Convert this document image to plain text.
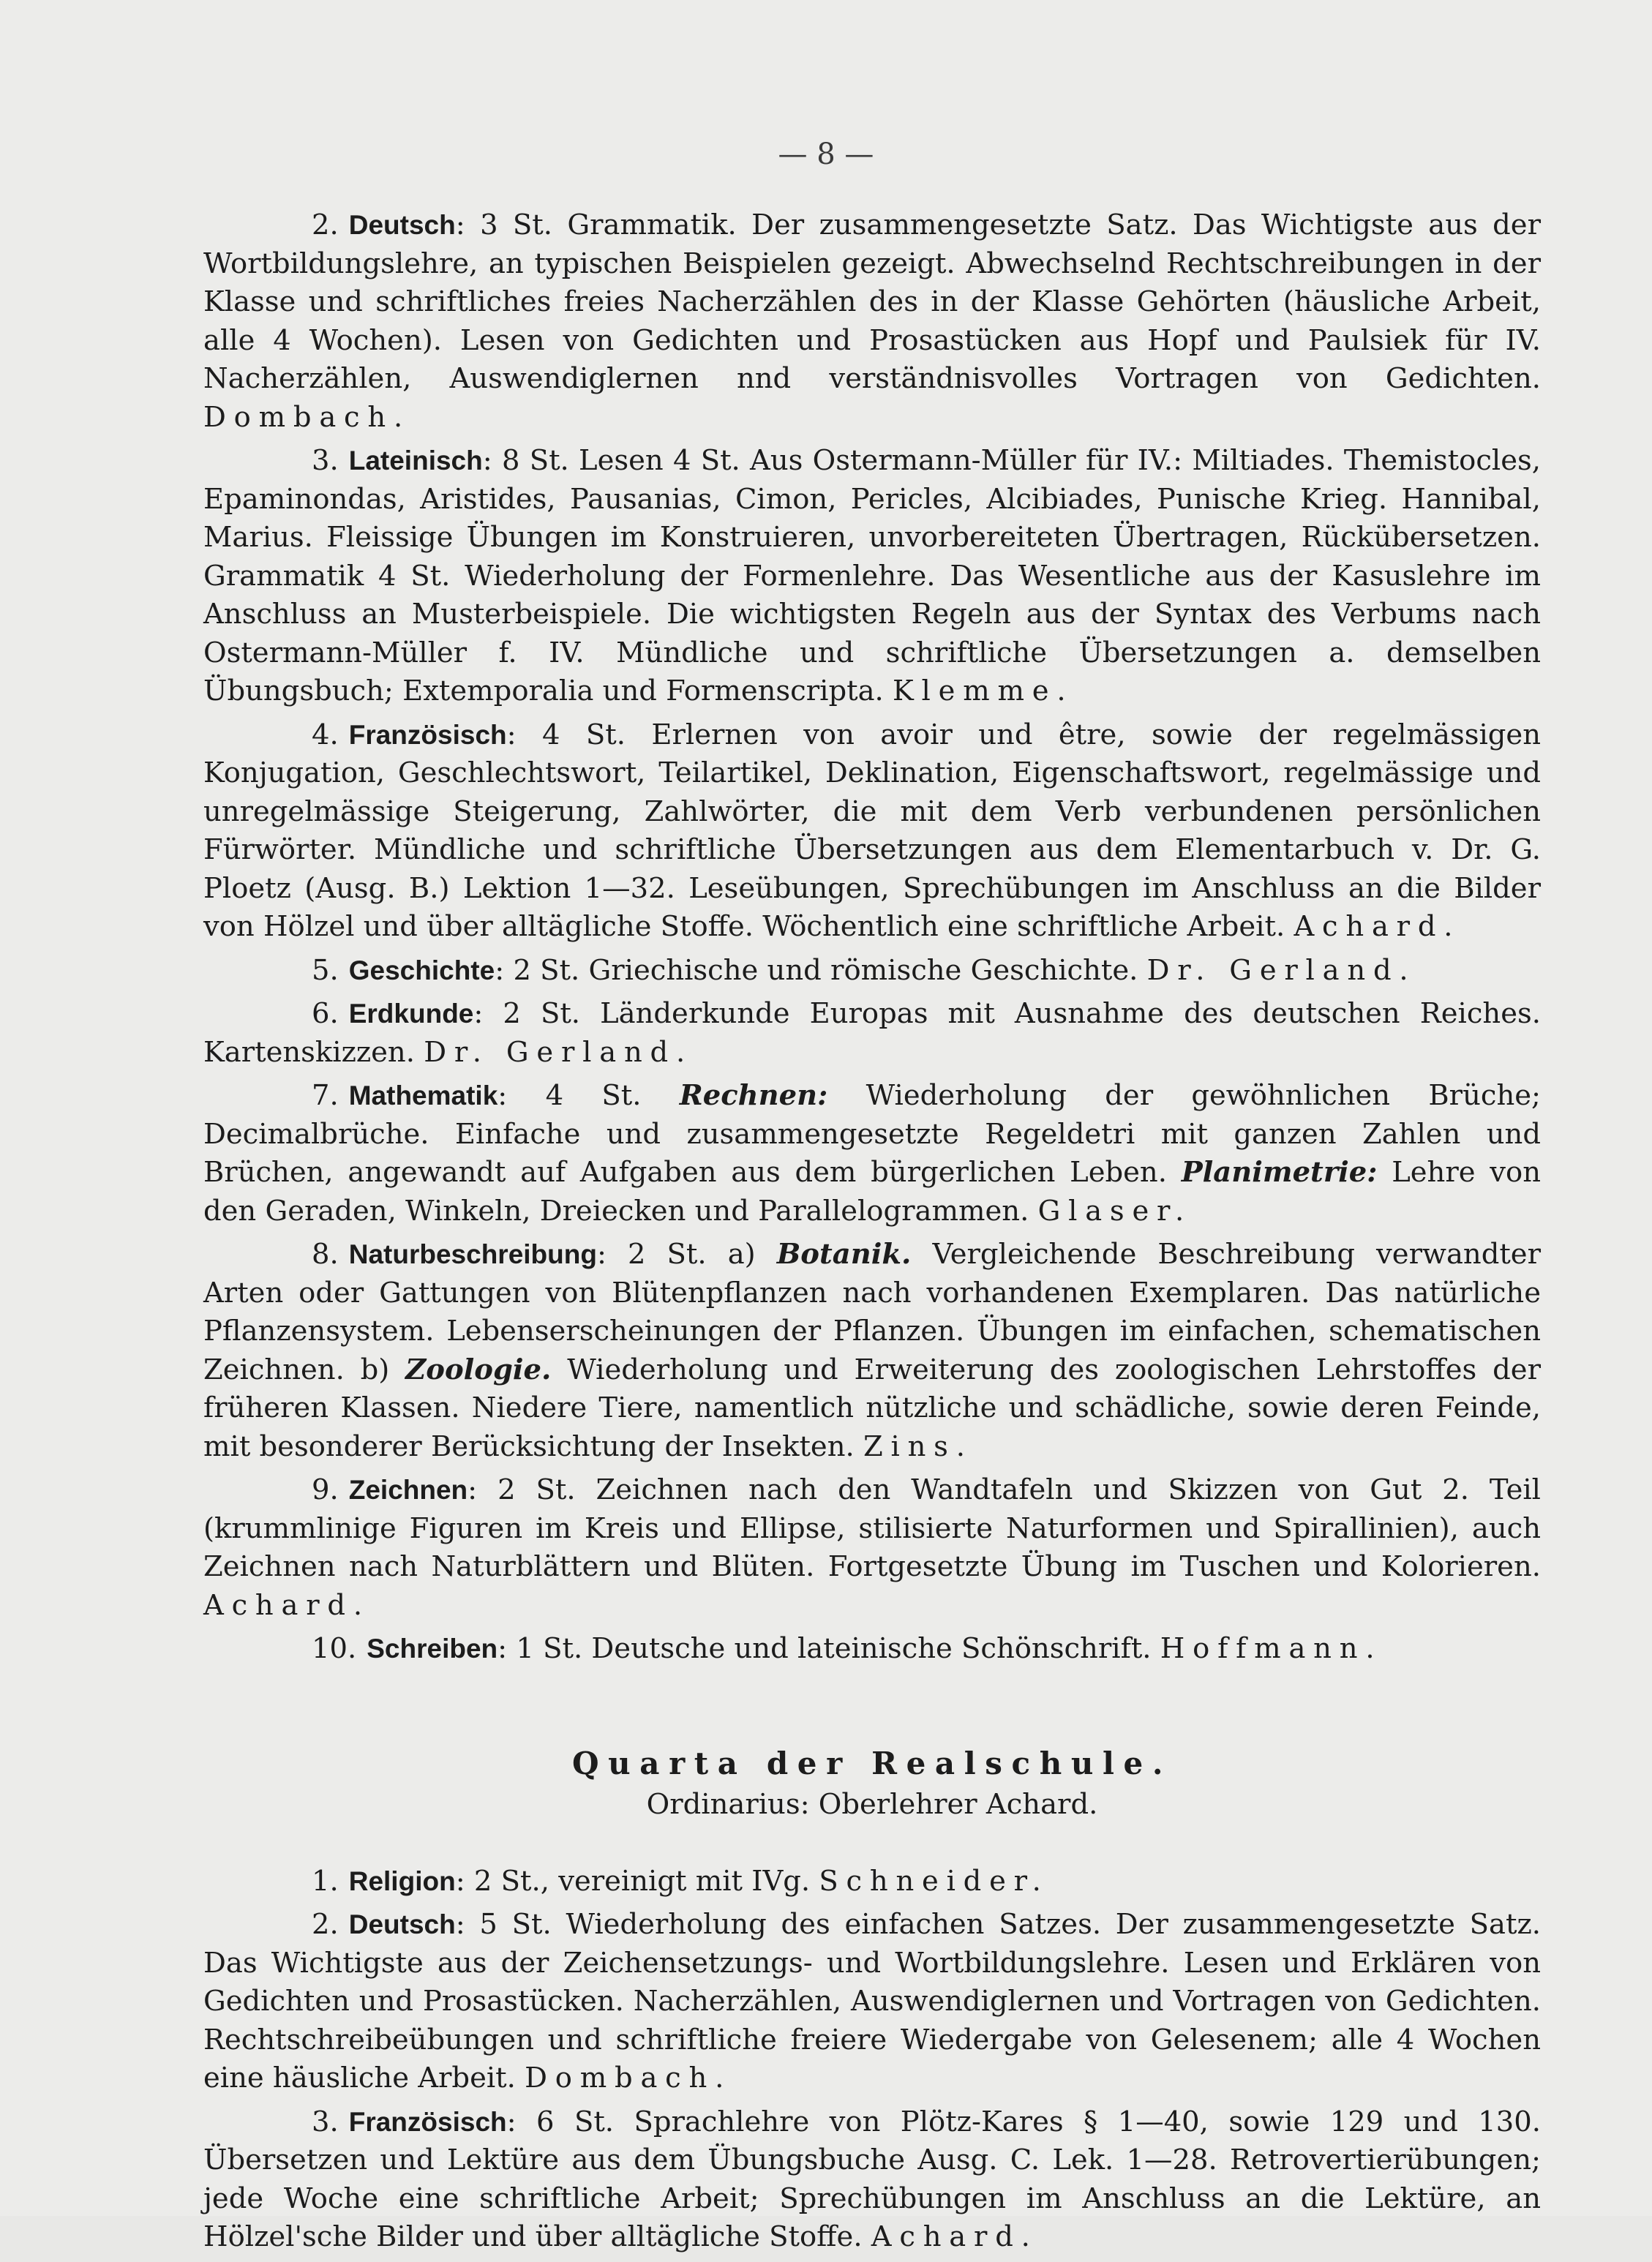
— 8 —

2. Deutsch: 3 St. Grammatik. Der zusammengesetzte Satz. Das Wichtigste aus der Wortbildungslehre, an typischen Beispielen gezeigt. Abwechselnd Rechtschreibungen in der Klasse und schriftliches freies Nacherzählen des in der Klasse Gehörten (häusliche Arbeit, alle 4 Wochen). Lesen von Gedichten und Prosastücken aus Hopf und Paulsiek für IV. Nacherzählen, Auswendiglernen nnd verständnisvolles Vortragen von Gedichten. Dombach.

3. Lateinisch: 8 St. Lesen 4 St. Aus Ostermann-Müller für IV.: Miltiades. Themistocles, Epaminondas, Aristides, Pausanias, Cimon, Pericles, Alcibiades, Punische Krieg. Hannibal, Marius. Fleissige Übungen im Konstruieren, unvorbereiteten Übertragen, Rückübersetzen. Grammatik 4 St. Wiederholung der Formenlehre. Das Wesentliche aus der Kasuslehre im Anschluss an Musterbeispiele. Die wichtigsten Regeln aus der Syntax des Verbums nach Ostermann-Müller f. IV. Mündliche und schriftliche Übersetzungen a. demselben Übungsbuch; Extemporalia und Formenscripta. Klemme.

4. Französisch: 4 St. Erlernen von avoir und être, sowie der regelmässigen Konjugation, Geschlechtswort, Teilartikel, Deklination, Eigenschaftswort, regelmässige und unregelmässige Steigerung, Zahlwörter, die mit dem Verb verbundenen persönlichen Fürwörter. Mündliche und schriftliche Übersetzungen aus dem Elementarbuch v. Dr. G. Ploetz (Ausg. B.) Lektion 1—32. Leseübungen, Sprechübungen im Anschluss an die Bilder von Hölzel und über alltägliche Stoffe. Wöchentlich eine schriftliche Arbeit. Achard.

5. Geschichte: 2 St. Griechische und römische Geschichte. Dr. Gerland.

6. Erdkunde: 2 St. Länderkunde Europas mit Ausnahme des deutschen Reiches. Kartenskizzen. Dr. Gerland.

7. Mathematik: 4 St. Rechnen: Wiederholung der gewöhnlichen Brüche; Decimalbrüche. Einfache und zusammengesetzte Regeldetri mit ganzen Zahlen und Brüchen, angewandt auf Aufgaben aus dem bürgerlichen Leben. Planimetrie: Lehre von den Geraden, Winkeln, Dreiecken und Parallelogrammen. Glaser.

8. Naturbeschreibung: 2 St. a) Botanik. Vergleichende Beschreibung verwandter Arten oder Gattungen von Blütenpflanzen nach vorhandenen Exemplaren. Das natürliche Pflanzensystem. Lebenserscheinungen der Pflanzen. Übungen im einfachen, schematischen Zeichnen. b) Zoologie. Wiederholung und Erweiterung des zoologischen Lehrstoffes der früheren Klassen. Niedere Tiere, namentlich nützliche und schädliche, sowie deren Feinde, mit besonderer Berücksichtung der Insekten. Zins.

9. Zeichnen: 2 St. Zeichnen nach den Wandtafeln und Skizzen von Gut 2. Teil (krummlinige Figuren im Kreis und Ellipse, stilisierte Naturformen und Spirallinien), auch Zeichnen nach Naturblättern und Blüten. Fortgesetzte Übung im Tuschen und Kolorieren. Achard.

10. Schreiben: 1 St. Deutsche und lateinische Schönschrift. Hoffmann.

Quarta der Realschule.
Ordinarius: Oberlehrer Achard.

1. Religion: 2 St., vereinigt mit IVg. Schneider.

2. Deutsch: 5 St. Wiederholung des einfachen Satzes. Der zusammengesetzte Satz. Das Wichtigste aus der Zeichensetzungs- und Wortbildungslehre. Lesen und Erklären von Gedichten und Prosastücken. Nacherzählen, Auswendiglernen und Vortragen von Gedichten. Rechtschreibeübungen und schriftliche freiere Wiedergabe von Gelesenem; alle 4 Wochen eine häusliche Arbeit. Dombach.

3. Französisch: 6 St. Sprachlehre von Plötz-Kares § 1—40, sowie 129 und 130. Übersetzen und Lektüre aus dem Übungsbuche Ausg. C. Lek. 1—28. Retrovertierübungen; jede Woche eine schriftliche Arbeit; Sprechübungen im Anschluss an die Lektüre, an Hölzel'sche Bilder und über alltägliche Stoffe. Achard.
